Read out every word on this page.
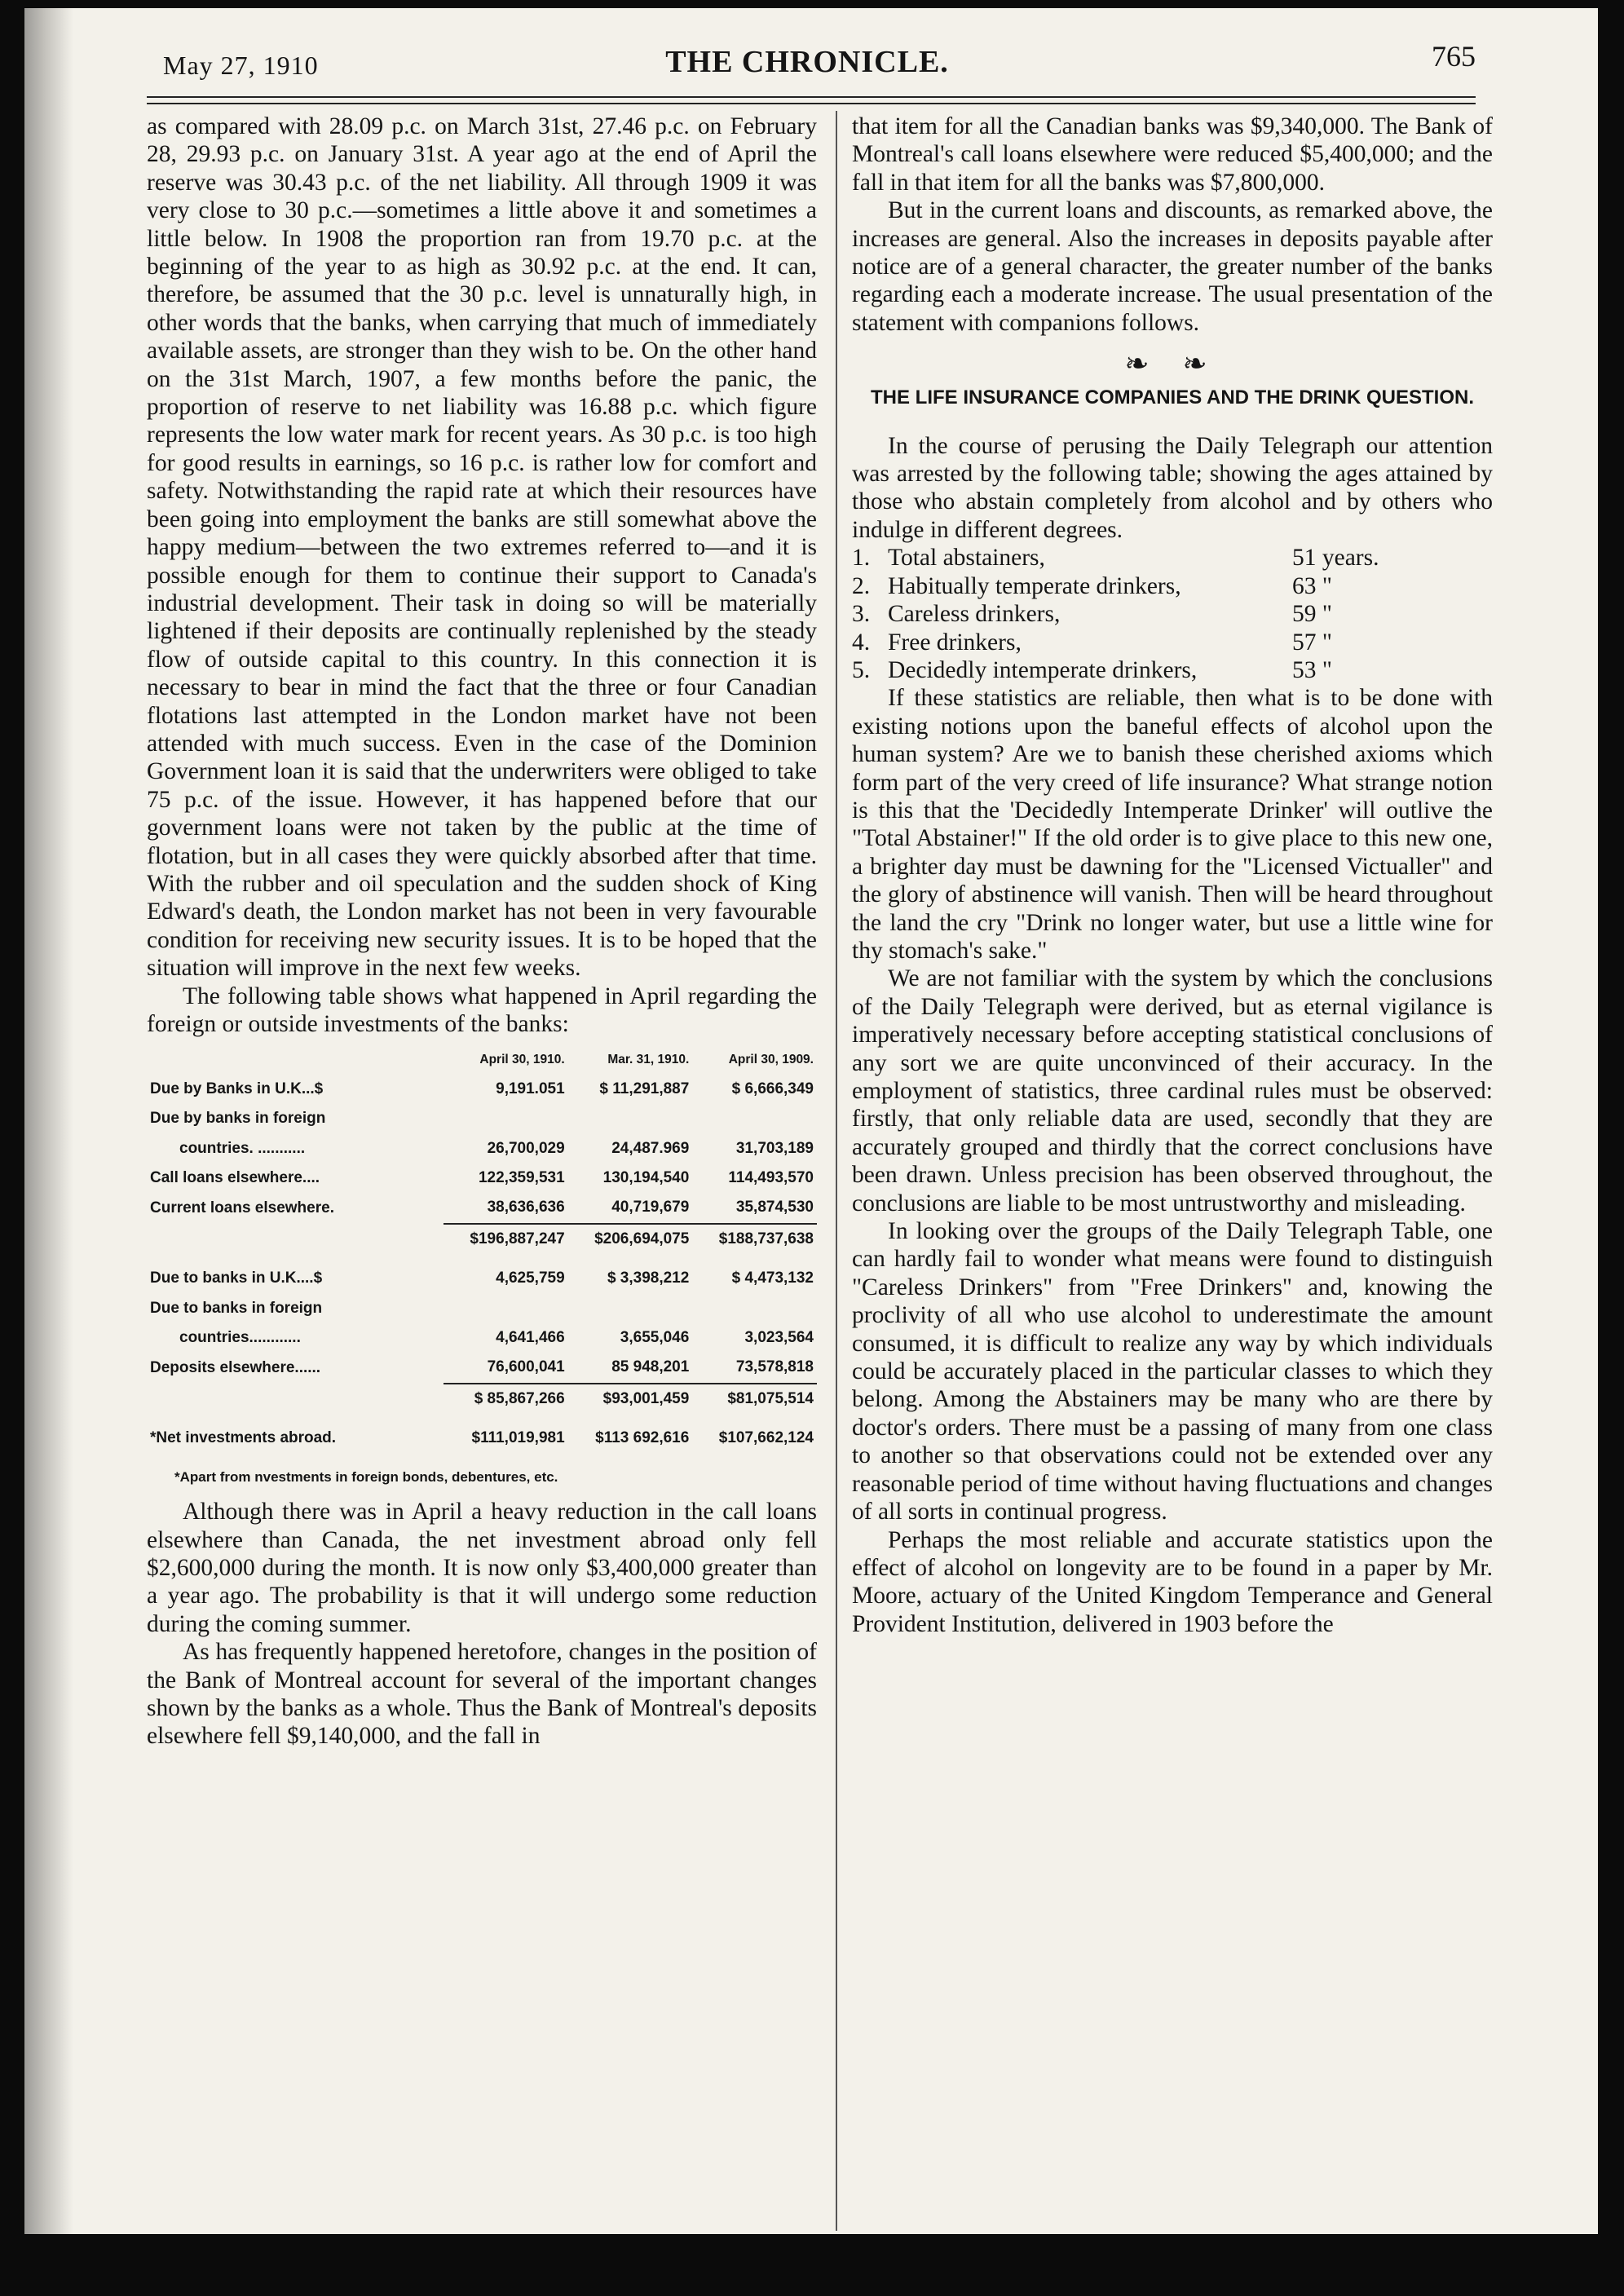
May 27, 1910	THE CHRONICLE.	765

as compared with 28.09 p.c. on March 31st, 27.46 p.c. on February 28, 29.93 p.c. on January 31st. A year ago at the end of April the reserve was 30.43 p.c. of the net liability. All through 1909 it was very close to 30 p.c.—sometimes a little above it and sometimes a little below. In 1908 the proportion ran from 19.70 p.c. at the beginning of the year to as high as 30.92 p.c. at the end. It can, therefore, be assumed that the 30 p.c. level is unnaturally high, in other words that the banks, when carrying that much of immediately available assets, are stronger than they wish to be. On the other hand on the 31st March, 1907, a few months before the panic, the proportion of reserve to net liability was 16.88 p.c. which figure represents the low water mark for recent years. As 30 p.c. is too high for good results in earnings, so 16 p.c. is rather low for comfort and safety. Notwithstanding the rapid rate at which their resources have been going into employment the banks are still somewhat above the happy medium—between the two extremes referred to—and it is possible enough for them to continue their support to Canada's industrial development. Their task in doing so will be materially lightened if their deposits are continually replenished by the steady flow of outside capital to this country. In this connection it is necessary to bear in mind the fact that the three or four Canadian flotations last attempted in the London market have not been attended with much success. Even in the case of the Dominion Government loan it is said that the underwriters were obliged to take 75 p.c. of the issue. However, it has happened before that our government loans were not taken by the public at the time of flotation, but in all cases they were quickly absorbed after that time. With the rubber and oil speculation and the sudden shock of King Edward's death, the London market has not been in very favourable condition for receiving new security issues. It is to be hoped that the situation will improve in the next few weeks.

The following table shows what happened in April regarding the foreign or outside investments of the banks:

	April 30, 1910.	Mar. 31, 1910.	April 30, 1909.
Due by Banks in U.K...$	9,191.051	$ 11,291,887	$ 6,666,349
Due by banks in foreign			
countries. ...........	26,700,029	24,487.969	31,703,189
Call loans elsewhere....	122,359,531	130,194,540	114,493,570
Current loans elsewhere.	38,636,636	40,719,679	35,874,530
	$196,887,247	$206,694,075	$188,737,638

Due to banks in U.K....$	4,625,759	$ 3,398,212	$ 4,473,132
Due to banks in foreign			
countries............	4,641,466	3,655,046	3,023,564
Deposits elsewhere......	76,600,041	85 948,201	73,578,818
	$ 85,867,266	$93,001,459	$81,075,514

*Net investments abroad.	$111,019,981	$113 692,616	$107,662,124
*Apart from nvestments in foreign bonds, debentures, etc.

Although there was in April a heavy reduction in the call loans elsewhere than Canada, the net investment abroad only fell $2,600,000 during the month. It is now only $3,400,000 greater than a year ago. The probability is that it will undergo some reduction during the coming summer.

As has frequently happened heretofore, changes in the position of the Bank of Montreal account for several of the important changes shown by the banks as a whole. Thus the Bank of Montreal's deposits elsewhere fell $9,140,000, and the fall in

that item for all the Canadian banks was $9,340,000. The Bank of Montreal's call loans elsewhere were reduced $5,400,000; and the fall in that item for all the banks was $7,800,000.

But in the current loans and discounts, as remarked above, the increases are general. Also the increases in deposits payable after notice are of a general character, the greater number of the banks regarding each a moderate increase. The usual presentation of the statement with companions follows.

❧ ❧
THE LIFE INSURANCE COMPANIES AND THE DRINK QUESTION.

In the course of perusing the Daily Telegraph our attention was arrested by the following table; showing the ages attained by those who abstain completely from alcohol and by others who indulge in different degrees.

1. Total abstainers,	51 years.
2. Habitually temperate drinkers,	63 "
3. Careless drinkers,	59 "
4. Free drinkers,	57 "
5. Decidedly intemperate drinkers,	53 "

If these statistics are reliable, then what is to be done with existing notions upon the baneful effects of alcohol upon the human system? Are we to banish these cherished axioms which form part of the very creed of life insurance? What strange notion is this that the 'Decidedly Intemperate Drinker' will outlive the "Total Abstainer!" If the old order is to give place to this new one, a brighter day must be dawning for the "Licensed Victualler" and the glory of abstinence will vanish. Then will be heard throughout the land the cry "Drink no longer water, but use a little wine for thy stomach's sake."

We are not familiar with the system by which the conclusions of the Daily Telegraph were derived, but as eternal vigilance is imperatively necessary before accepting statistical conclusions of any sort we are quite unconvinced of their accuracy. In the employment of statistics, three cardinal rules must be observed: firstly, that only reliable data are used, secondly that they are accurately grouped and thirdly that the correct conclusions have been drawn. Unless precision has been observed throughout, the conclusions are liable to be most untrustworthy and misleading.

In looking over the groups of the Daily Telegraph Table, one can hardly fail to wonder what means were found to distinguish "Careless Drinkers" from "Free Drinkers" and, knowing the proclivity of all who use alcohol to underestimate the amount consumed, it is difficult to realize any way by which individuals could be accurately placed in the particular classes to which they belong. Among the Abstainers may be many who are there by doctor's orders. There must be a passing of many from one class to another so that observations could not be extended over any reasonable period of time without having fluctuations and changes of all sorts in continual progress.

Perhaps the most reliable and accurate statistics upon the effect of alcohol on longevity are to be found in a paper by Mr. Moore, actuary of the United Kingdom Temperance and General Provident Institution, delivered in 1903 before the
